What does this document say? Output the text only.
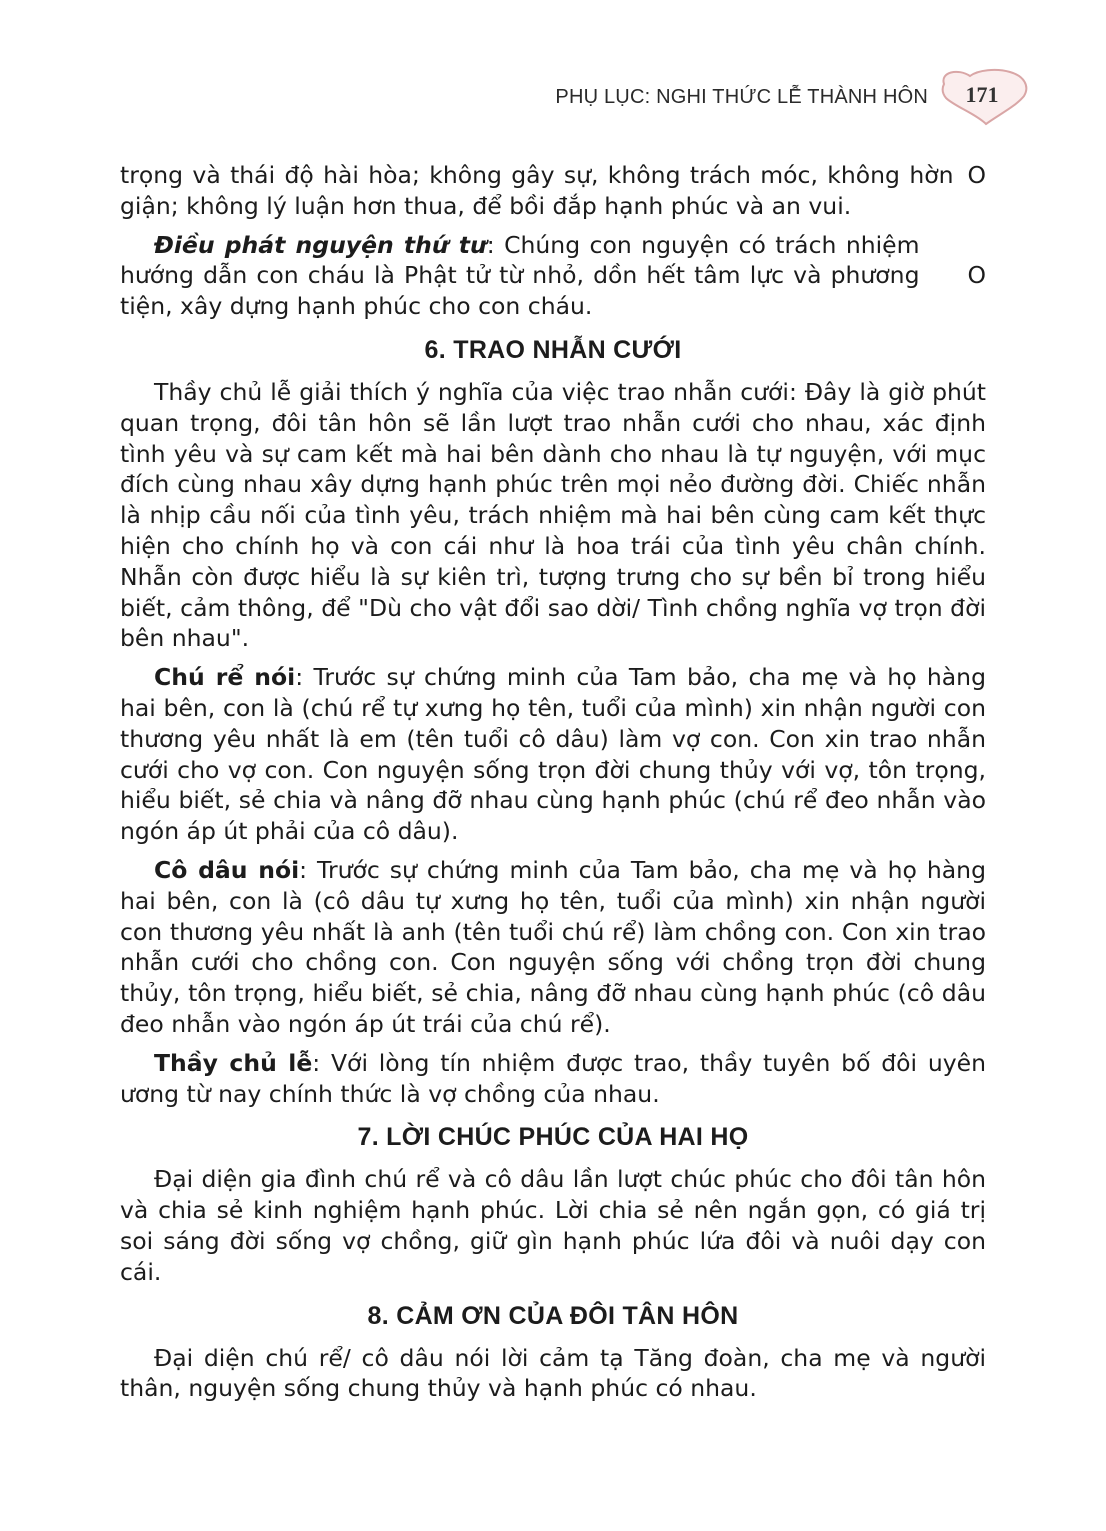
PHỤ LỤC: NGHI THỨC LỄ THÀNH HÔN	171

O
trọng và thái độ hài hòa; không gây sự, không trách móc, không hờn giận; không lý luận hơn thua, để bồi đắp hạnh phúc và an vui.

O
Điều phát nguyện thứ tư: Chúng con nguyện có trách nhiệm hướng dẫn con cháu là Phật tử từ nhỏ, dồn hết tâm lực và phương tiện, xây dựng hạnh phúc cho con cháu.

6. TRAO NHẪN CƯỚI

Thầy chủ lễ giải thích ý nghĩa của việc trao nhẫn cưới: Đây là giờ phút quan trọng, đôi tân hôn sẽ lần lượt trao nhẫn cưới cho nhau, xác định tình yêu và sự cam kết mà hai bên dành cho nhau là tự nguyện, với mục đích cùng nhau xây dựng hạnh phúc trên mọi nẻo đường đời. Chiếc nhẫn là nhịp cầu nối của tình yêu, trách nhiệm mà hai bên cùng cam kết thực hiện cho chính họ và con cái như là hoa trái của tình yêu chân chính. Nhẫn còn được hiểu là sự kiên trì, tượng trưng cho sự bền bỉ trong hiểu biết, cảm thông, để "Dù cho vật đổi sao dời/ Tình chồng nghĩa vợ trọn đời bên nhau".

Chú rể nói: Trước sự chứng minh của Tam bảo, cha mẹ và họ hàng hai bên, con là (chú rể tự xưng họ tên, tuổi của mình) xin nhận người con thương yêu nhất là em (tên tuổi cô dâu) làm vợ con. Con xin trao nhẫn cưới cho vợ con. Con nguyện sống trọn đời chung thủy với vợ, tôn trọng, hiểu biết, sẻ chia và nâng đỡ nhau cùng hạnh phúc (chú rể đeo nhẫn vào ngón áp út phải của cô dâu).

Cô dâu nói: Trước sự chứng minh của Tam bảo, cha mẹ và họ hàng hai bên, con là (cô dâu tự xưng họ tên, tuổi của mình) xin nhận người con thương yêu nhất là anh (tên tuổi chú rể) làm chồng con. Con xin trao nhẫn cưới cho chồng con. Con nguyện sống với chồng trọn đời chung thủy, tôn trọng, hiểu biết, sẻ chia, nâng đỡ nhau cùng hạnh phúc (cô dâu đeo nhẫn vào ngón áp út trái của chú rể).

Thầy chủ lễ: Với lòng tín nhiệm được trao, thầy tuyên bố đôi uyên ương từ nay chính thức là vợ chồng của nhau.

7. LỜI CHÚC PHÚC CỦA HAI HỌ

Đại diện gia đình chú rể và cô dâu lần lượt chúc phúc cho đôi tân hôn và chia sẻ kinh nghiệm hạnh phúc. Lời chia sẻ nên ngắn gọn, có giá trị soi sáng đời sống vợ chồng, giữ gìn hạnh phúc lứa đôi và nuôi dạy con cái.

8. CẢM ƠN CỦA ĐÔI TÂN HÔN

Đại diện chú rể/ cô dâu nói lời cảm tạ Tăng đoàn, cha mẹ và người thân, nguyện sống chung thủy và hạnh phúc có nhau.
